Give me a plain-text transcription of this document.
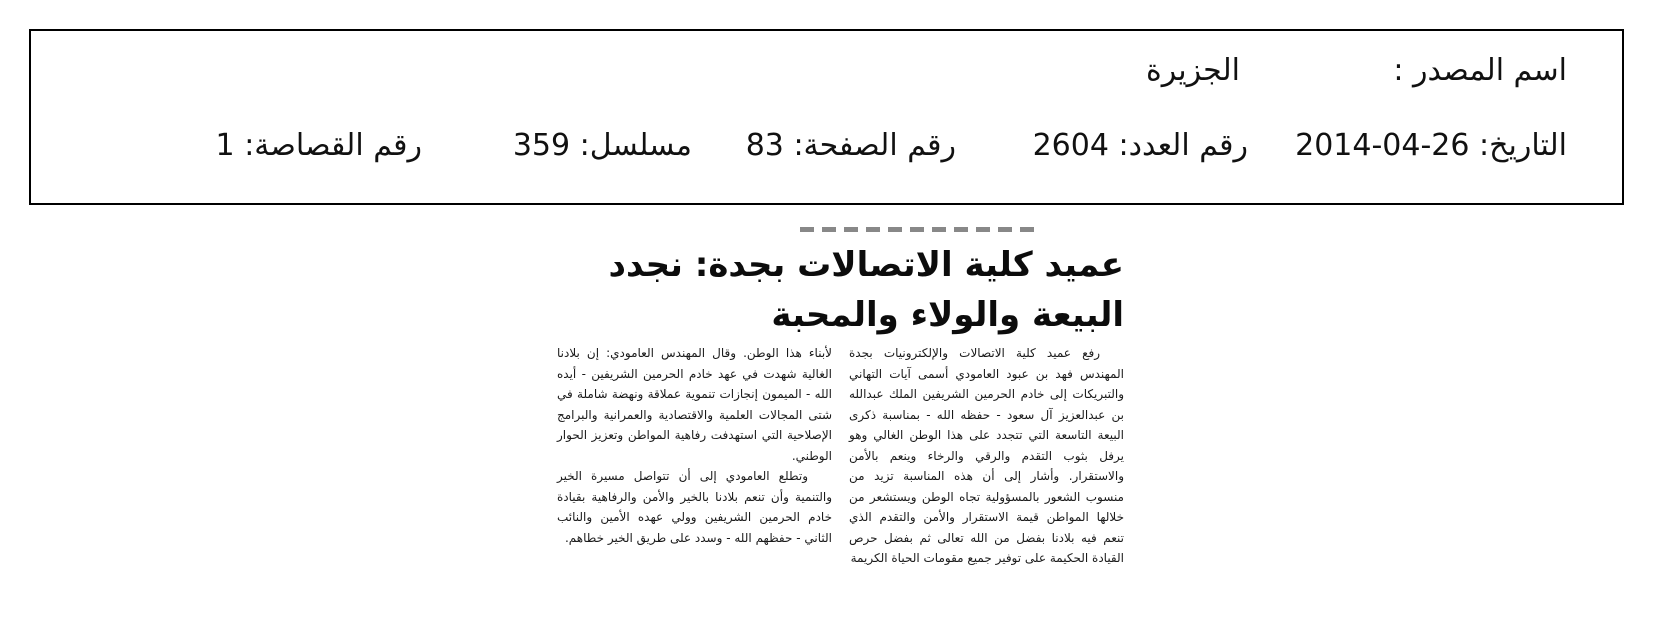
اسم المصدر :
الجزيرة
التاريخ: 2014-04-26
رقم العدد: 2604
رقم الصفحة: 83
مسلسل: 359
رقم القصاصة: 1
عميد كلية الاتصالات بجدة: نجدد البيعة والولاء والمحبة

رفع عميد كلية الاتصالات والإلكترونيات بجدة المهندس فهد بن عبود العامودي أسمى آيات التهاني والتبريكات إلى خادم الحرمين الشريفين الملك عبدالله بن عبدالعزيز آل سعود - حفظه الله - بمناسبة ذكرى البيعة التاسعة التي تتجدد على هذا الوطن الغالي وهو يرفل بثوب التقدم والرقي والرخاء وينعم بالأمن والاستقرار. وأشار إلى أن هذه المناسبة تزيد من منسوب الشعور بالمسؤولية تجاه الوطن ويستشعر من خلالها المواطن قيمة الاستقرار والأمن والتقدم الذي تنعم فيه بلادنا بفضل من الله تعالى ثم بفضل حرص القيادة الحكيمة على توفير جميع مقومات الحياة الكريمة

لأبناء هذا الوطن. وقال المهندس العامودي: إن بلادنا الغالية شهدت في عهد خادم الحرمين الشريفين - أيده الله - الميمون إنجازات تنموية عملاقة ونهضة شاملة في شتى المجالات العلمية والاقتصادية والعمرانية والبرامج الإصلاحية التي استهدفت رفاهية المواطن وتعزيز الحوار الوطني.

وتطلع العامودي إلى أن تتواصل مسيرة الخير والتنمية وأن تنعم بلادنا بالخير والأمن والرفاهية بقيادة خادم الحرمين الشريفين وولي عهده الأمين والنائب الثاني - حفظهم الله - وسدد على طريق الخير خطاهم.
